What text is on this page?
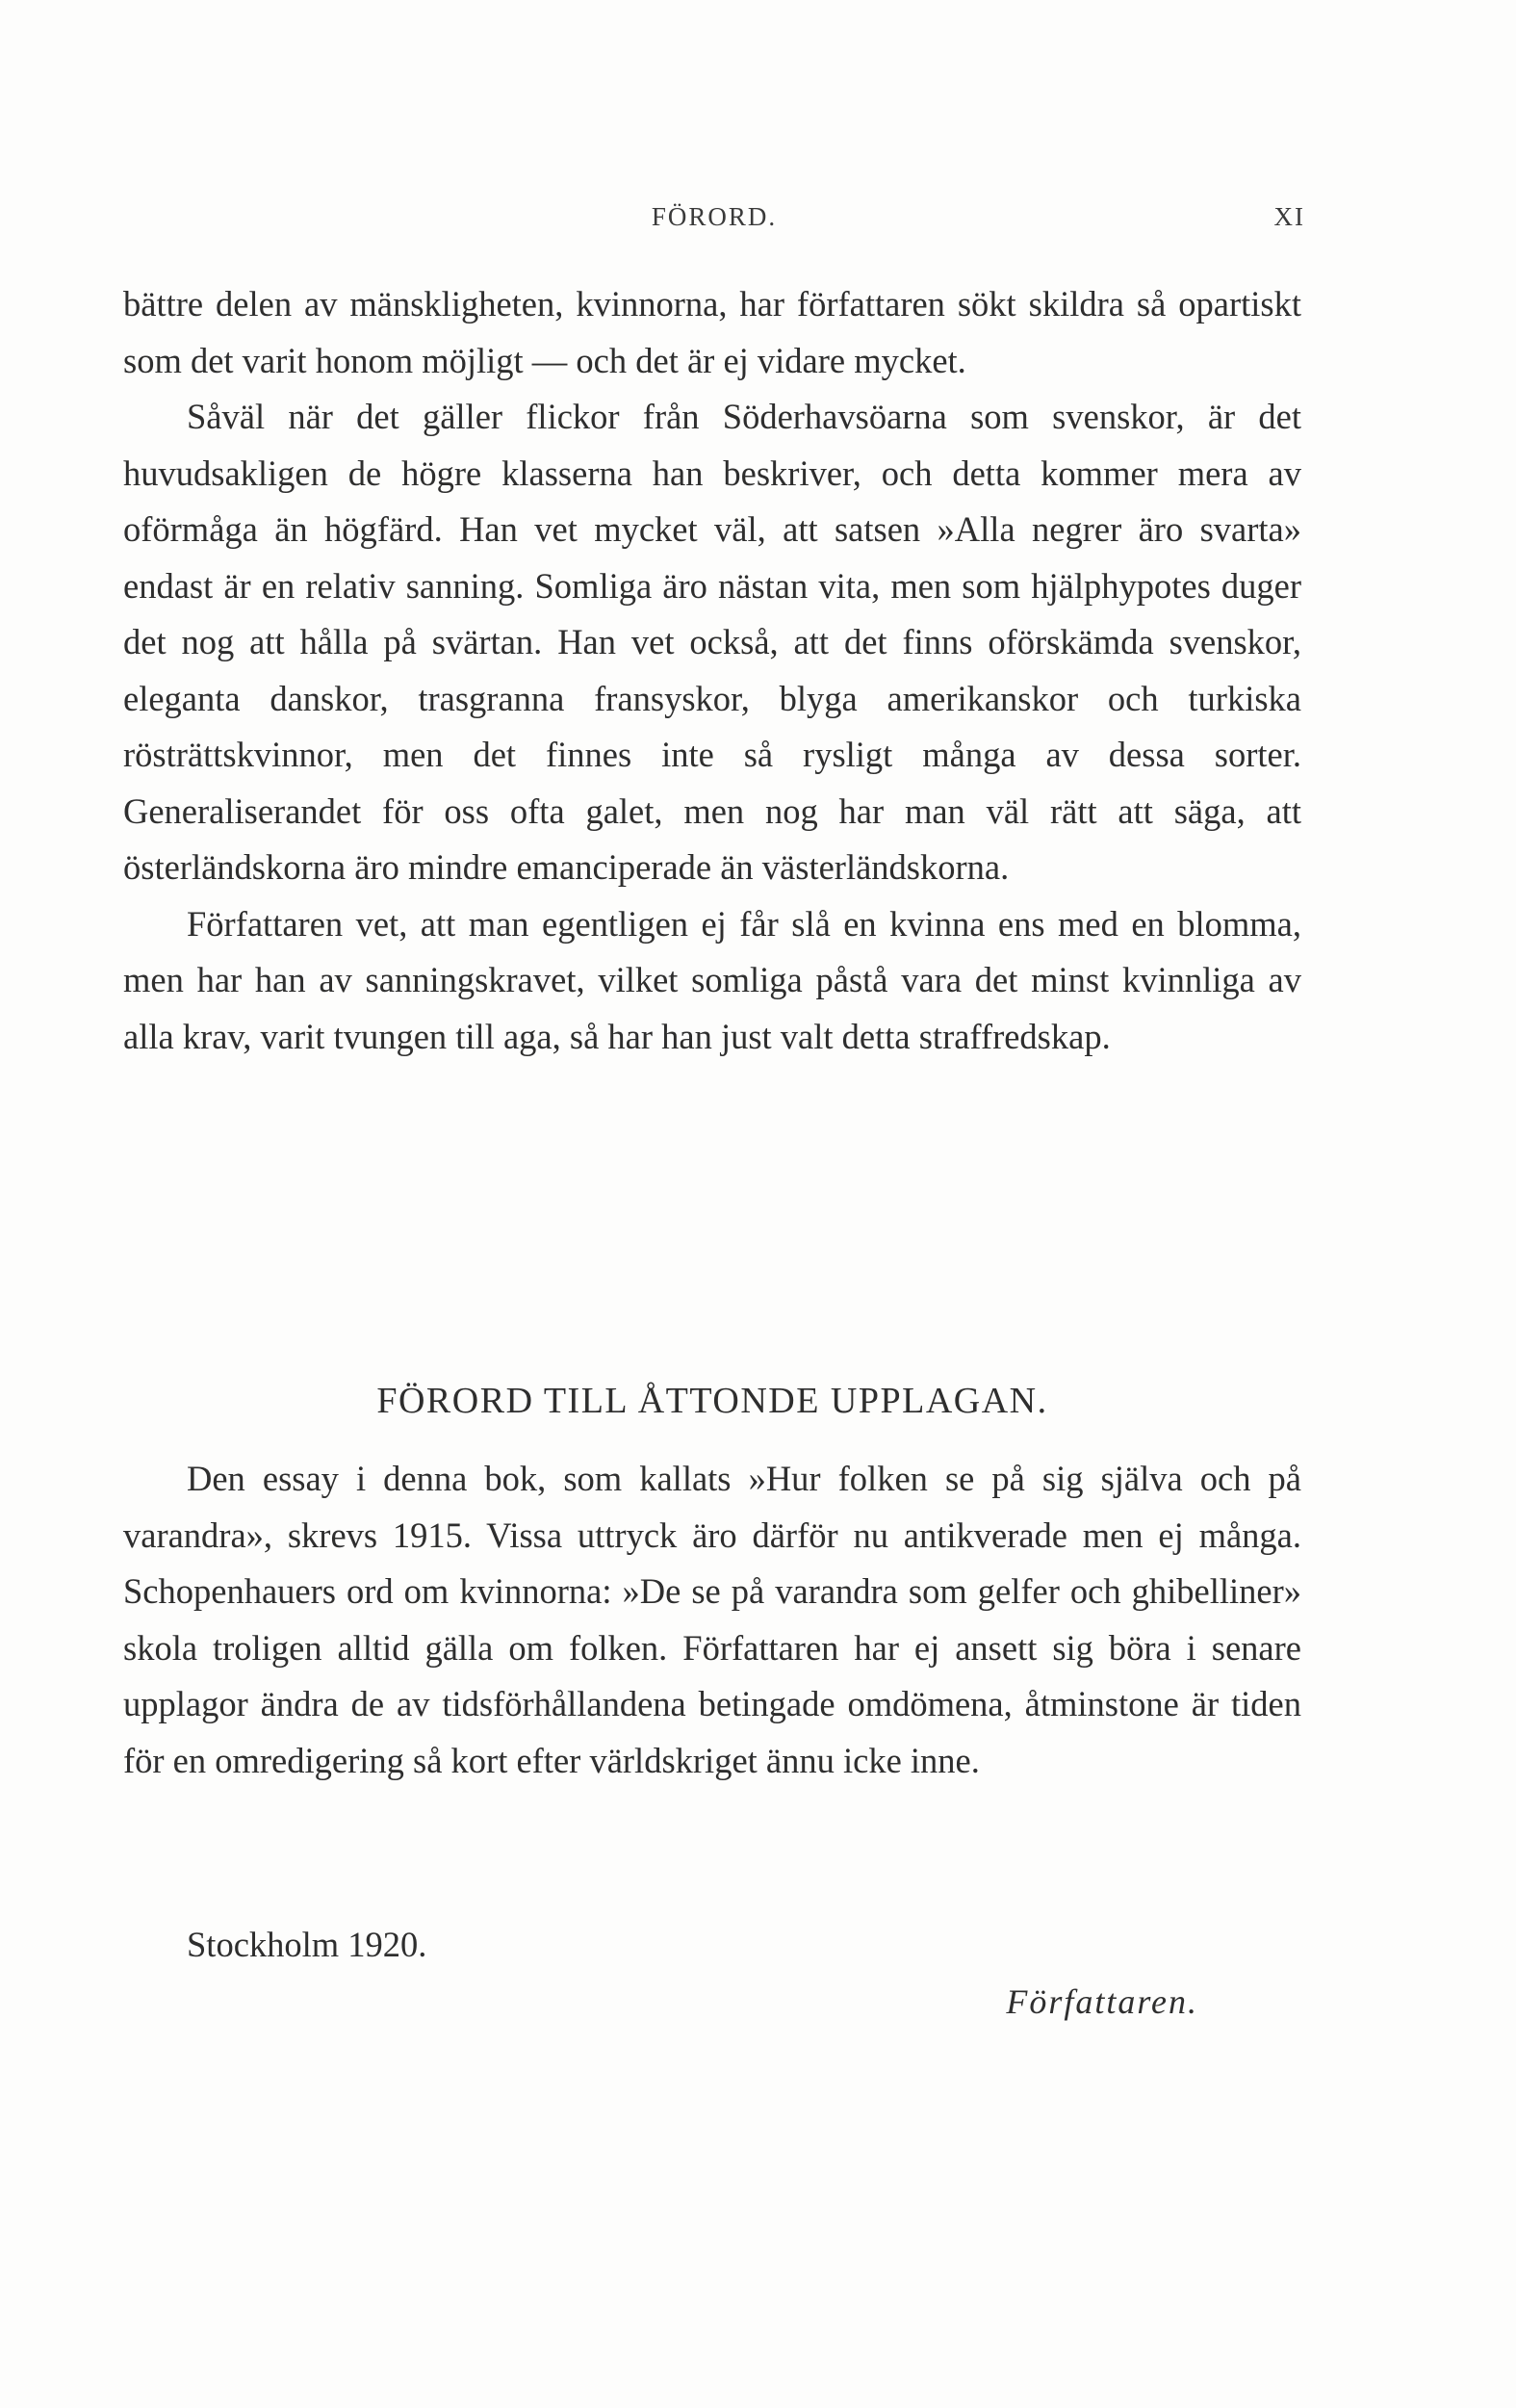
FÖRORD.	XI

bättre delen av mänskligheten, kvinnorna, har författaren sökt skildra så opartiskt som det varit honom möjligt — och det är ej vidare mycket.

Såväl när det gäller flickor från Söderhavsöarna som svenskor, är det huvudsakligen de högre klasserna han beskriver, och detta kommer mera av oförmåga än högfärd. Han vet mycket väl, att satsen »Alla negrer äro svarta» endast är en relativ sanning. Somliga äro nästan vita, men som hjälphypotes duger det nog att hålla på svärtan. Han vet också, att det finns oförskämda svenskor, eleganta danskor, trasgranna fransyskor, blyga amerikanskor och turkiska rösträttskvinnor, men det finnes inte så rysligt många av dessa sorter. Generaliserandet för oss ofta galet, men nog har man väl rätt att säga, att österländskorna äro mindre emanciperade än västerländskorna.

Författaren vet, att man egentligen ej får slå en kvinna ens med en blomma, men har han av sanningskravet, vilket somliga påstå vara det minst kvinnliga av alla krav, varit tvungen till aga, så har han just valt detta straffredskap.

FÖRORD TILL ÅTTONDE UPPLAGAN.

Den essay i denna bok, som kallats »Hur folken se på sig själva och på varandra», skrevs 1915. Vissa uttryck äro därför nu antikverade men ej många. Schopenhauers ord om kvinnorna: »De se på varandra som gelfer och ghibelliner» skola troligen alltid gälla om folken. Författaren har ej ansett sig böra i senare upplagor ändra de av tidsförhållandena betingade omdömena, åtminstone är tiden för en omredigering så kort efter världskriget ännu icke inne.

Stockholm 1920.
Författaren.
